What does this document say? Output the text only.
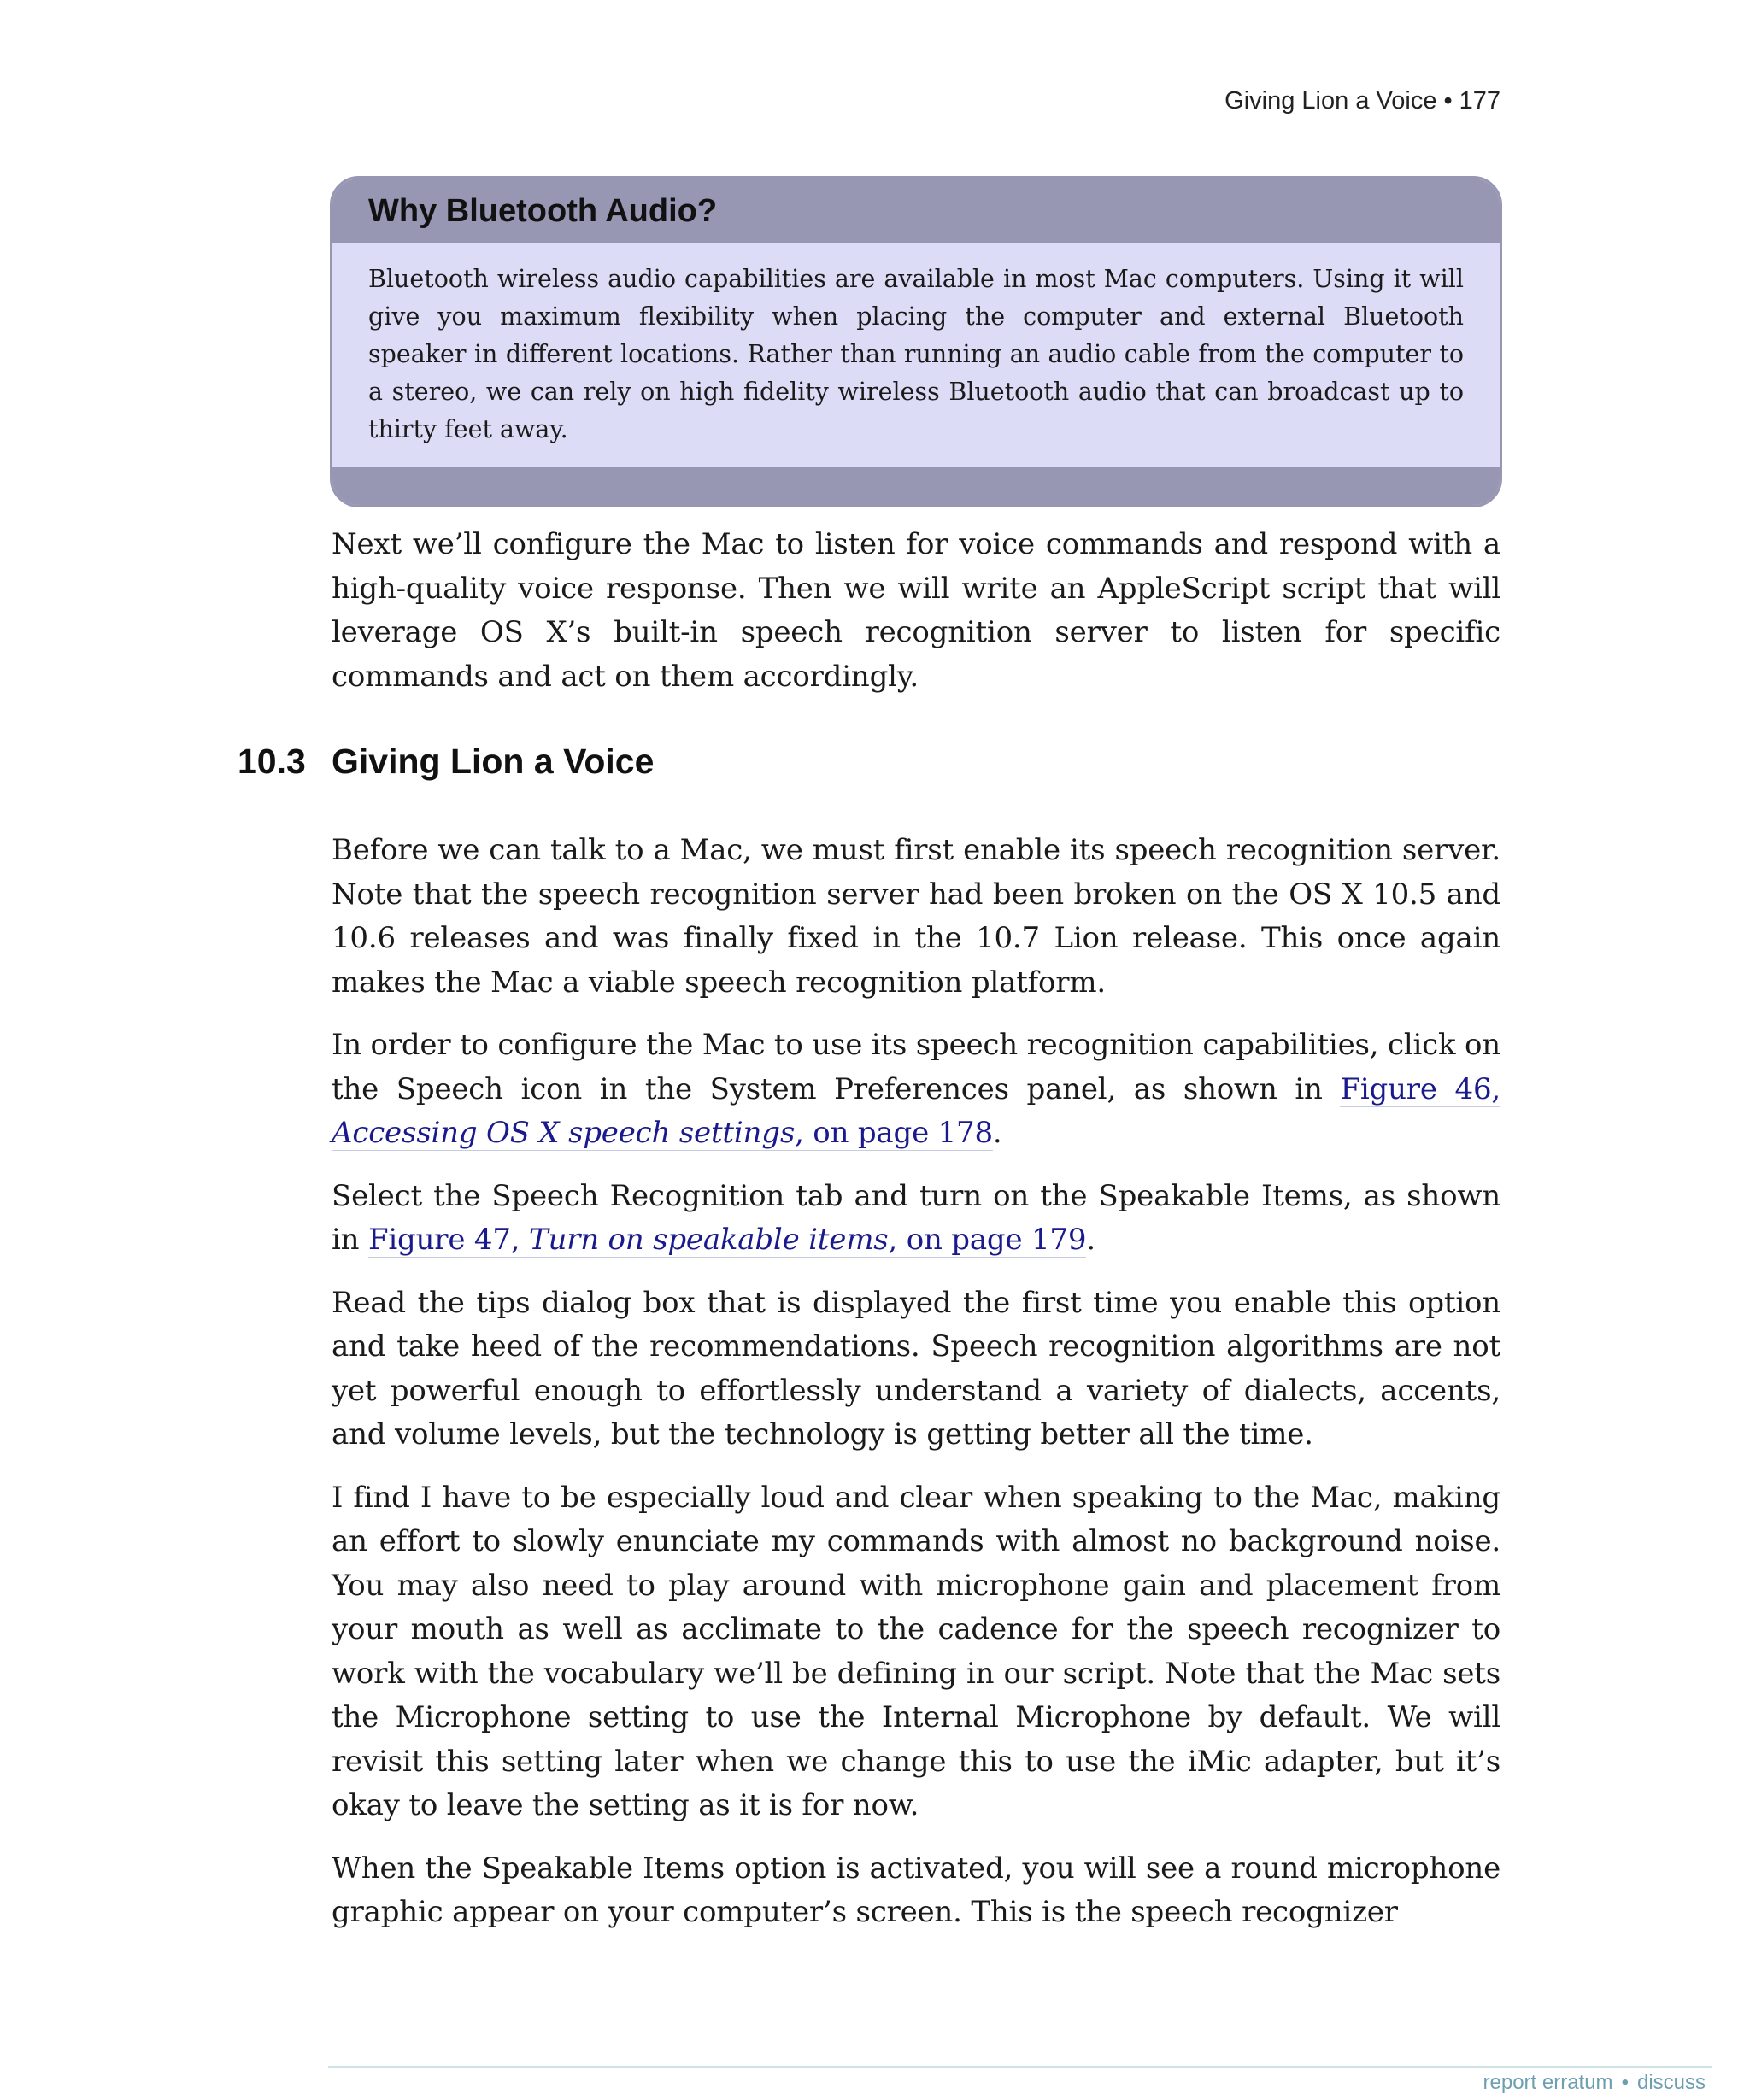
Giving Lion a Voice • 177
Why Bluetooth Audio?
Bluetooth wireless audio capabilities are available in most Mac computers. Using it will give you maximum flexibility when placing the computer and external Bluetooth speaker in different locations. Rather than running an audio cable from the computer to a stereo, we can rely on high fidelity wireless Bluetooth audio that can broadcast up to thirty feet away.

Next we’ll configure the Mac to listen for voice commands and respond with a high-quality voice response. Then we will write an AppleScript script that will leverage OS X’s built-in speech recognition server to listen for specific commands and act on them accordingly.

10.3 Giving Lion a Voice

Before we can talk to a Mac, we must first enable its speech recognition server. Note that the speech recognition server had been broken on the OS X 10.5 and 10.6 releases and was finally fixed in the 10.7 Lion release. This once again makes the Mac a viable speech recognition platform.

In order to configure the Mac to use its speech recognition capabilities, click on the Speech icon in the System Preferences panel, as shown in Figure 46, Accessing OS X speech settings, on page 178.

Select the Speech Recognition tab and turn on the Speakable Items, as shown in Figure 47, Turn on speakable items, on page 179.

Read the tips dialog box that is displayed the first time you enable this option and take heed of the recommendations. Speech recognition algorithms are not yet powerful enough to effortlessly understand a variety of dialects, accents, and volume levels, but the technology is getting better all the time.

I find I have to be especially loud and clear when speaking to the Mac, making an effort to slowly enunciate my commands with almost no background noise. You may also need to play around with microphone gain and placement from your mouth as well as acclimate to the cadence for the speech recognizer to work with the vocabulary we’ll be defining in our script. Note that the Mac sets the Microphone setting to use the Internal Microphone by default. We will revisit this setting later when we change this to use the iMic adapter, but it’s okay to leave the setting as it is for now.

When the Speakable Items option is activated, you will see a round microphone graphic appear on your computer’s screen. This is the speech recognizer

report erratum • discuss
